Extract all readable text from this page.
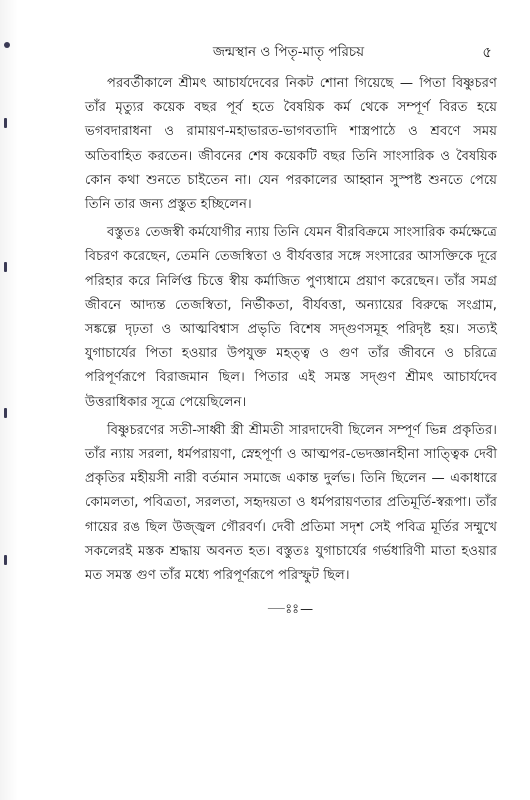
জন্মস্থান ও পিতৃ-মাতৃ পরিচয়	৫

পরবর্তীকালে শ্রীমৎ আচার্যদেবের নিকট শোনা গিয়েছে — পিতা বিষ্ণুচরণ তাঁর মৃত্যুর কয়েক বছর পূর্ব হতে বৈষয়িক কর্ম থেকে সম্পূর্ণ বিরত হয়ে ভগবদারাধনা ও রামায়ণ-মহাভারত-ভাগবতাদি শাস্ত্রপাঠে ও শ্রবণে সময় অতিবাহিত করতেন। জীবনের শেষ কয়েকটি বছর তিনি সাংসারিক ও বৈষয়িক কোন কথা শুনতে চাইতেন না। যেন পরকালের আহ্বান সুস্পষ্ট শুনতে পেয়ে তিনি তার জন্য প্রস্তুত হচ্ছিলেন।

বস্তুতঃ তেজস্বী কর্মযোগীর ন্যায় তিনি যেমন বীরবিক্রমে সাংসারিক কর্মক্ষেত্রে বিচরণ করেছেন, তেমনি তেজস্বিতা ও বীর্যবত্তার সঙ্গে সংসারের আসক্তিকে দূরে পরিহার করে নির্লিপ্ত চিত্তে স্বীয় কর্মাজিত পুণ্যধামে প্রয়াণ করেছেন। তাঁর সমগ্র জীবনে আদ্যন্ত তেজস্বিতা, নির্ভীকতা, বীর্যবত্তা, অন্যায়ের বিরুদ্ধে সংগ্রাম, সঙ্কল্পে দৃঢ়তা ও আত্মবিশ্বাস প্রভৃতি বিশেষ সদ্গুণসমূহ পরিদৃষ্ট হয়। সত্যই যুগাচার্যের পিতা হওয়ার উপযুক্ত মহত্ত্ব ও গুণ তাঁর জীবনে ও চরিত্রে পরিপূর্ণরূপে বিরাজমান ছিল। পিতার এই সমস্ত সদ্গুণ শ্রীমৎ আচার্যদেব উত্তরাধিকার সূত্রে পেয়েছিলেন।

বিষ্ণুচরণের সতী-সাধ্বী স্ত্রী শ্রীমতী সারদাদেবী ছিলেন সম্পূর্ণ ভিন্ন প্রকৃতির। তাঁর ন্যায় সরলা, ধর্মপরায়ণা, স্নেহপূর্ণা ও আত্মপর-ভেদজ্ঞানহীনা সাত্ত্বিক দেবী প্রকৃতির মহীয়সী নারী বর্তমান সমাজে একান্ত দুর্লভ। তিনি ছিলেন — একাধারে কোমলতা, পবিত্রতা, সরলতা, সহৃদয়তা ও ধর্মপরায়ণতার প্রতিমূর্তি-স্বরূপা। তাঁর গায়ের রঙ ছিল উজ্জ্বল গৌরবর্ণ। দেবী প্রতিমা সদৃশ সেই পবিত্র মূর্তির সম্মুখে সকলেরই মস্তক শ্রদ্ধায় অবনত হত। বস্তুতঃ যুগাচার্যের গর্ভধারিণী মাতা হওয়ার মত সমস্ত গুণ তাঁর মধ্যে পরিপূর্ণরূপে পরিস্ফুট ছিল।

—ঃঃ—
